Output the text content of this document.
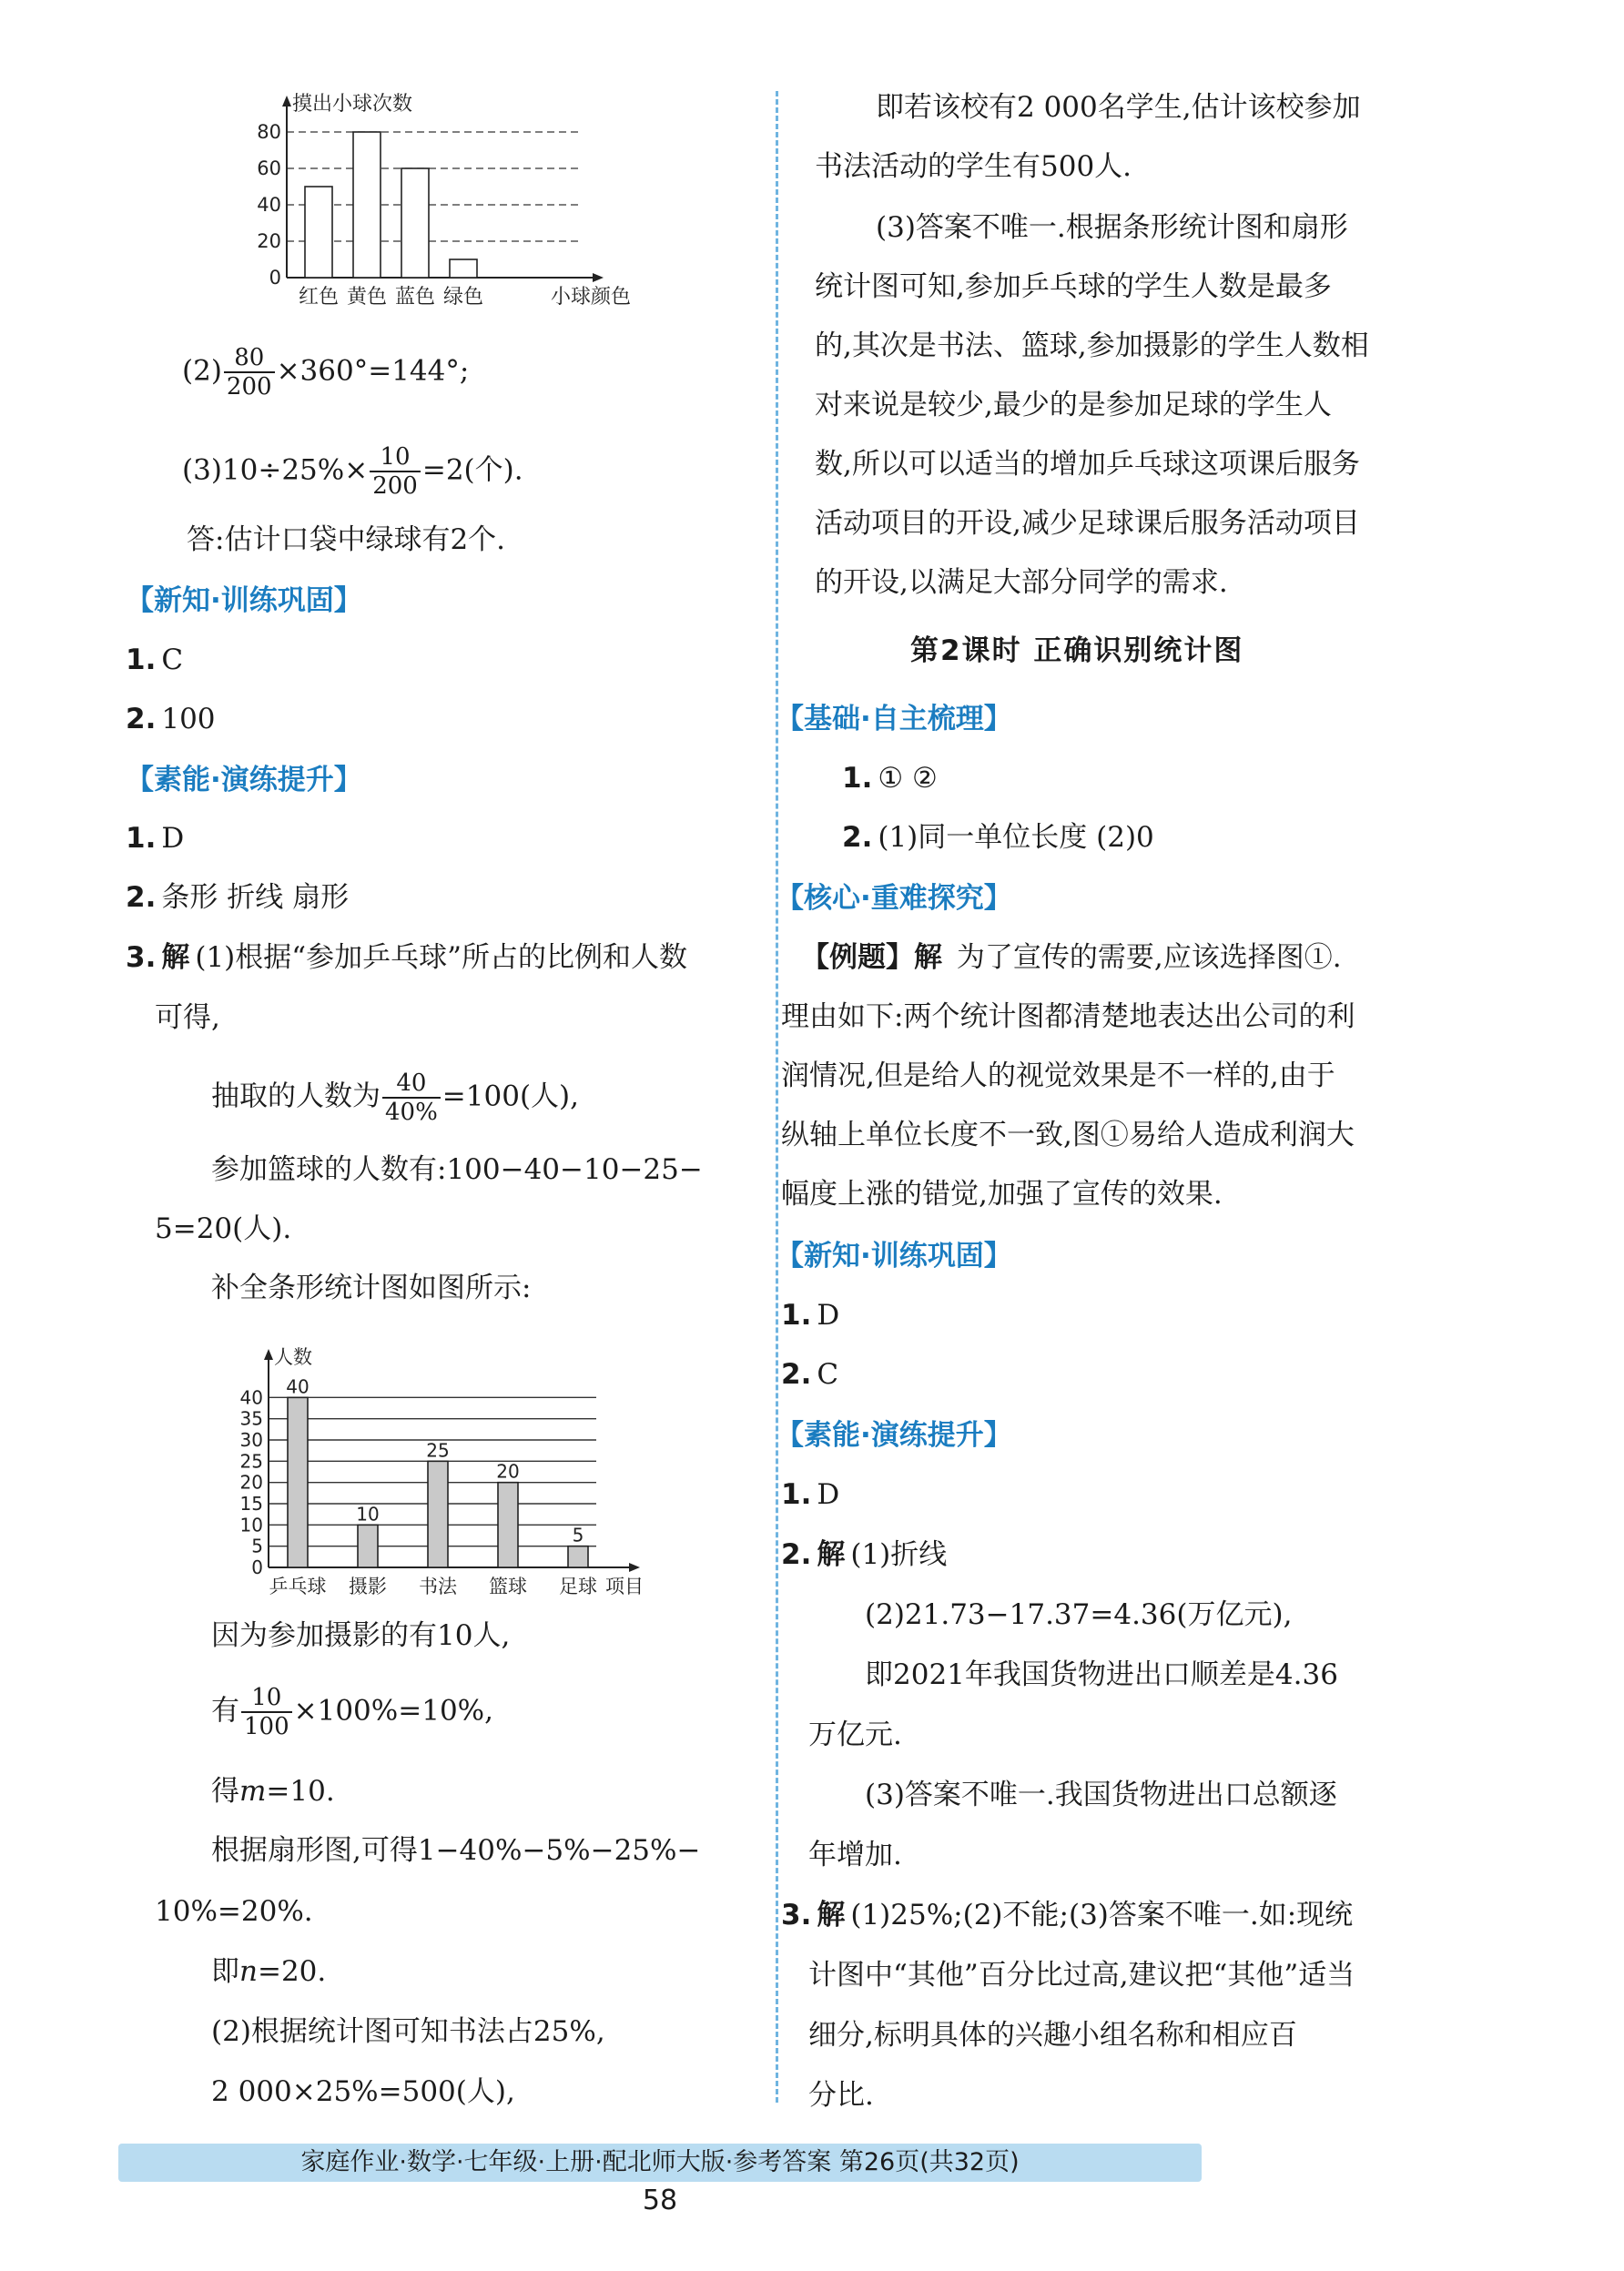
0
20
40
60
80
摸出小球次数
小球颜色
红色 黄色 蓝色 绿色
$(2) \frac{80}{200} \times 360^\circ=144^\circ$;
$(3)10\div 25\%\times \frac{10}{200} =2$(个).
答:估计口袋中绿球有2个.
【新知·训练巩固】
1. C
2. 100
【素能·演练提升】
1. D
2. 条形 折线 扇形
3. 解 (1)根据“参加乒乓球”所占的比例和人数
可得,
抽取的人数为 $\frac{40}{40\%} =100$(人),
参加篮球的人数有:100−40−10−25−
5=20(人).
补全条形统计图如图所示:
0
5
10
15
20
25
30
35
40
人数
项目
乒乓球
40
摄影
10
书法
25
篮球
20
足球
5
因为参加摄影的有10人,
有 $\frac{10}{100} \times 100\%=10\%$,
得m=10.
根据扇形图,可得1−40%−5%−25%−
10%=20%.
即n=20.
(2)根据统计图可知书法占25%,
2 000×25%=500(人),
即若该校有2 000名学生,估计该校参加
书法活动的学生有500人.
(3)答案不唯一.根据条形统计图和扇形
统计图可知,参加乒乓球的学生人数是最多
的,其次是书法、篮球,参加摄影的学生人数相
对来说是较少,最少的是参加足球的学生人
数,所以可以适当的增加乒乓球这项课后服务
活动项目的开设,减少足球课后服务活动项目
的开设,以满足大部分同学的需求.
第2课时 正确识别统计图
【基础·自主梳理】
1. ① ②
2. (1)同一单位长度 (2)0
【核心·重难探究】
【例题】解 为了宣传的需要,应该选择图①.
理由如下:两个统计图都清楚地表达出公司的利
润情况,但是给人的视觉效果是不一样的,由于
纵轴上单位长度不一致,图①易给人造成利润大
幅度上涨的错觉,加强了宣传的效果.
【新知·训练巩固】
1. D
2. C
【素能·演练提升】
1. D
2. 解 (1)折线
(2)21.73−17.37=4.36(万亿元),
即2021年我国货物进出口顺差是4.36
万亿元.
(3)答案不唯一.我国货物进出口总额逐
年增加.
3. 解 (1)25%;(2)不能;(3)答案不唯一.如:现统
计图中“其他”百分比过高,建议把“其他”适当
细分,标明具体的兴趣小组名称和相应百
分比.
家庭作业·数学·七年级·上册·配北师大版·参考答案 第26页(共32页)
58
